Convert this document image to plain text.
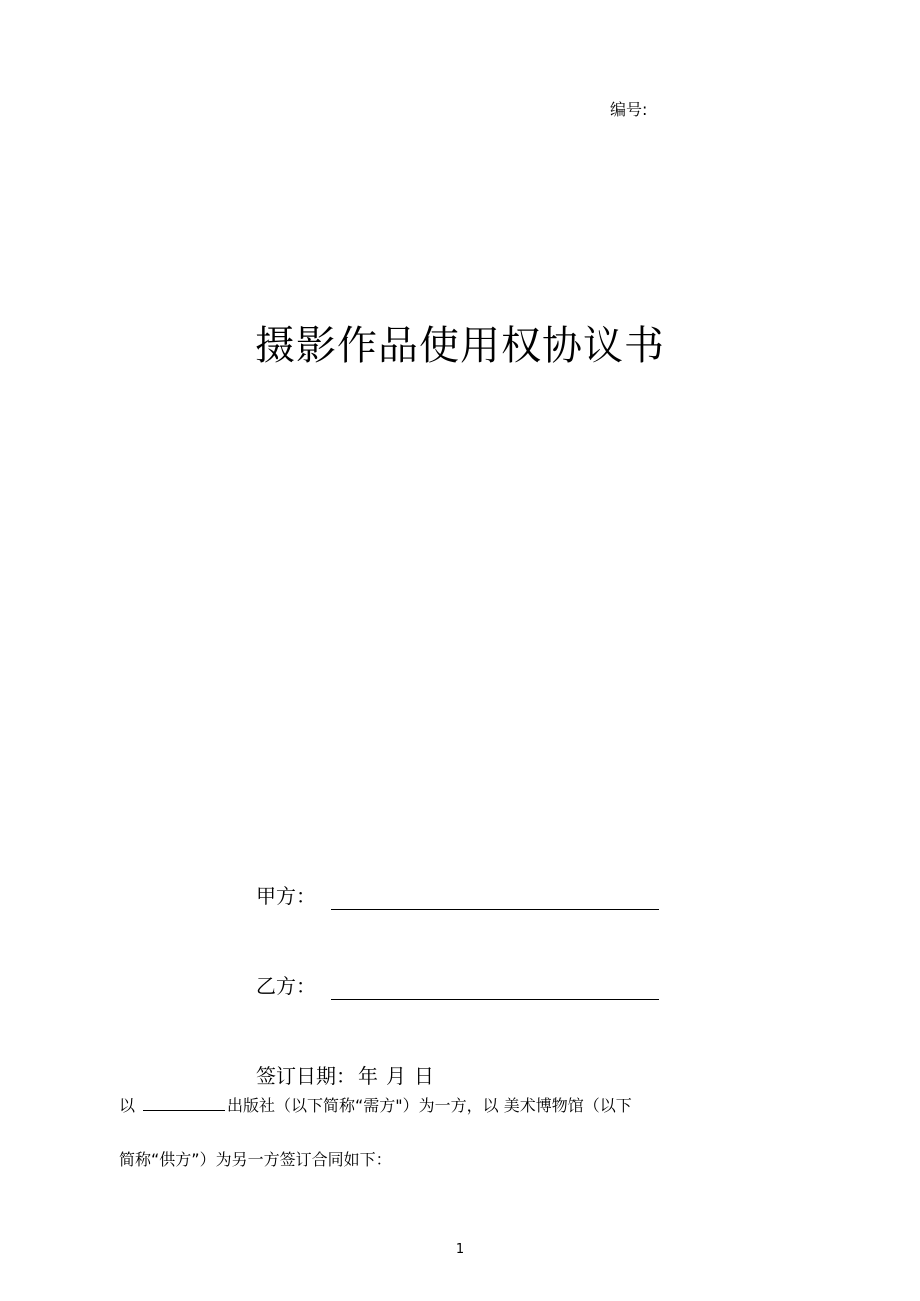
编号:
摄影作品使用权协议书
甲方：
乙方：
签订日期： 年 月 日
以	出版社（以下简称“需方"）为一方，以 美术博物馆（以下
简称“供方”）为另一方签订合同如下：
1
